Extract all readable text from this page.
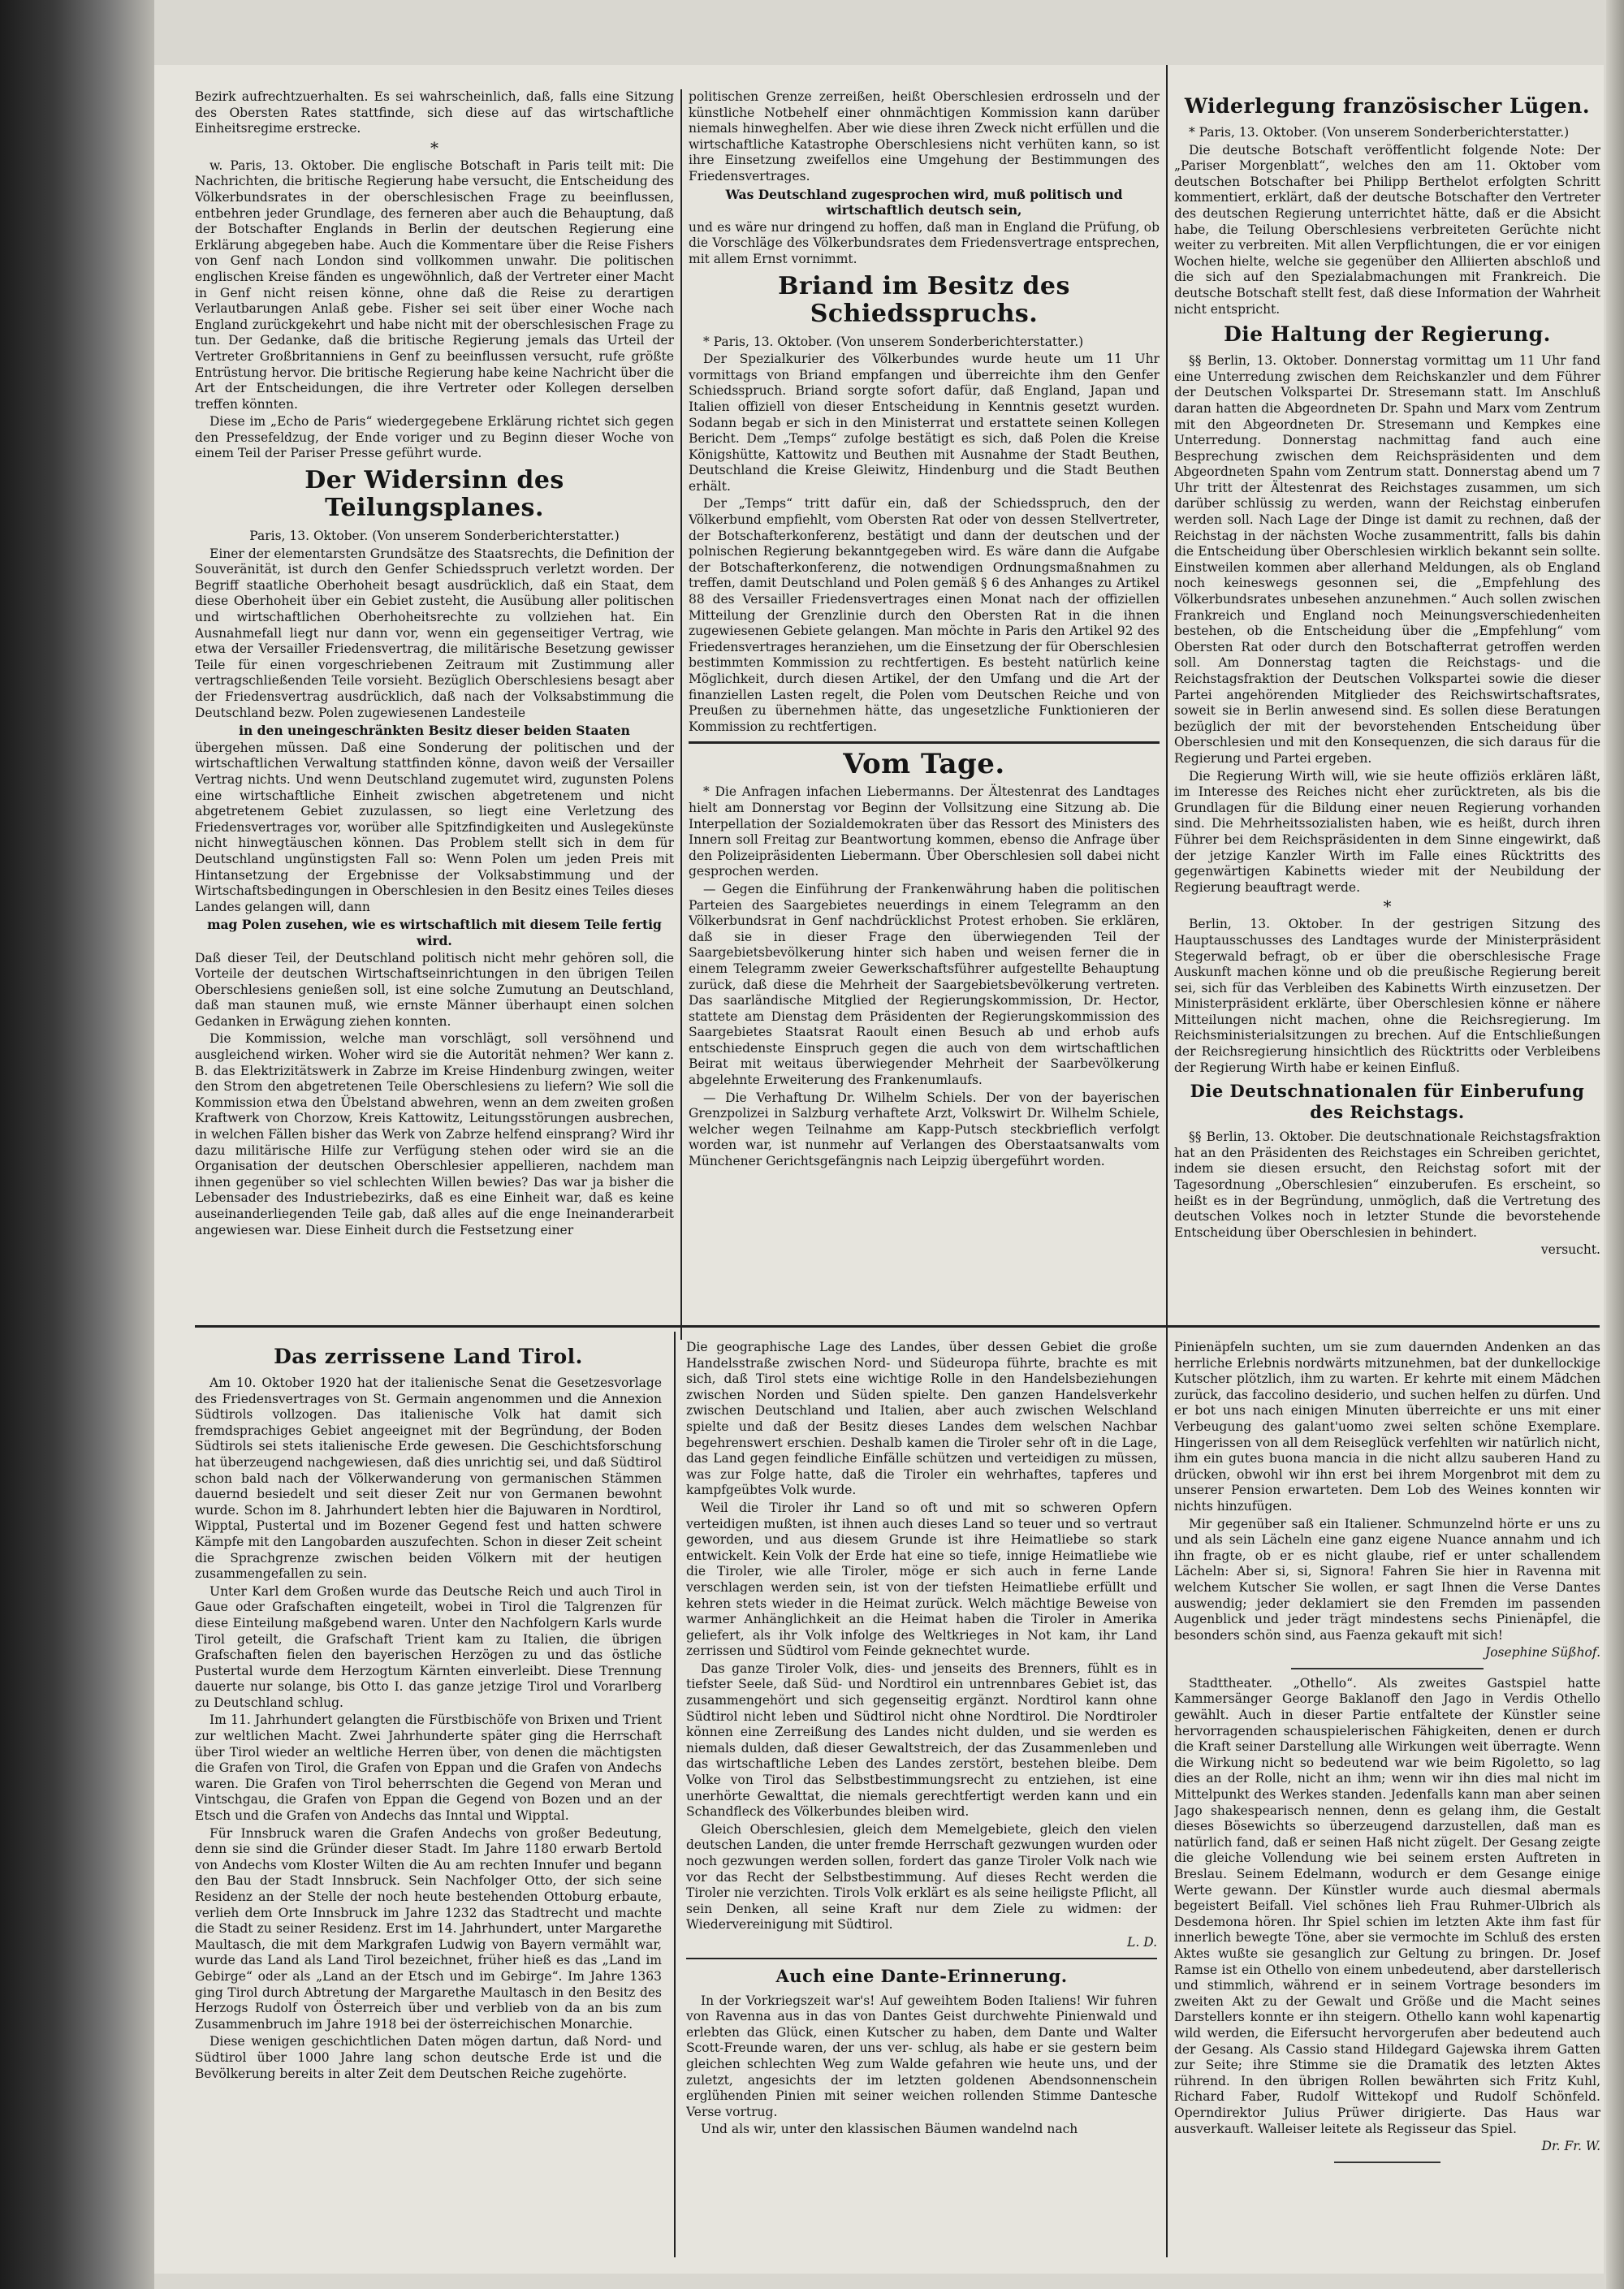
Bezirk aufrechtzuerhalten. Es sei wahrscheinlich, daß, falls eine Sitzung des Obersten Rates stattfinde, sich diese auf das wirtschaftliche Einheitsregime erstrecke.

*

w. Paris, 13. Oktober. Die englische Botschaft in Paris teilt mit: Die Nachrichten, die britische Regierung habe versucht, die Entscheidung des Völkerbundsrates in der oberschlesischen Frage zu beeinflussen, entbehren jeder Grundlage, des ferneren aber auch die Behauptung, daß der Botschafter Englands in Berlin der deutschen Regierung eine Erklärung abgegeben habe. Auch die Kommentare über die Reise Fishers von Genf nach London sind vollkommen unwahr. Die politischen englischen Kreise fänden es ungewöhnlich, daß der Vertreter einer Macht in Genf nicht reisen könne, ohne daß die Reise zu derartigen Verlautbarungen Anlaß gebe. Fisher sei seit über einer Woche nach England zurückgekehrt und habe nicht mit der oberschlesischen Frage zu tun. Der Gedanke, daß die britische Regierung jemals das Urteil der Vertreter Großbritanniens in Genf zu beeinflussen versucht, rufe größte Entrüstung hervor. Die britische Regierung habe keine Nachricht über die Art der Entscheidungen, die ihre Vertreter oder Kollegen derselben treffen könnten.

Diese im „Echo de Paris“ wiedergegebene Erklärung richtet sich gegen den Pressefeldzug, der Ende voriger und zu Beginn dieser Woche von einem Teil der Pariser Presse geführt wurde.

Der Widersinn des Teilungsplanes.

Paris, 13. Oktober. (Von unserem Sonderberichterstatter.)

Einer der elementarsten Grundsätze des Staatsrechts, die Definition der Souveränität, ist durch den Genfer Schiedsspruch verletzt worden. Der Begriff staatliche Oberhoheit besagt ausdrücklich, daß ein Staat, dem diese Oberhoheit über ein Gebiet zusteht, die Ausübung aller politischen und wirtschaftlichen Oberhoheitsrechte zu vollziehen hat. Ein Ausnahmefall liegt nur dann vor, wenn ein gegenseitiger Vertrag, wie etwa der Versailler Friedensvertrag, die militärische Besetzung gewisser Teile für einen vorgeschriebenen Zeitraum mit Zustimmung aller vertragschließenden Teile vorsieht. Bezüglich Oberschlesiens besagt aber der Friedensvertrag ausdrücklich, daß nach der Volksabstimmung die Deutschland bezw. Polen zugewiesenen Landesteile

in den uneingeschränkten Besitz dieser beiden Staaten

übergehen müssen. Daß eine Sonderung der politischen und der wirtschaftlichen Verwaltung stattfinden könne, davon weiß der Versailler Vertrag nichts. Und wenn Deutschland zugemutet wird, zugunsten Polens eine wirtschaftliche Einheit zwischen abgetretenem und nicht abgetretenem Gebiet zuzulassen, so liegt eine Verletzung des Friedensvertrages vor, worüber alle Spitzfindigkeiten und Auslegekünste nicht hinwegtäuschen können. Das Problem stellt sich in dem für Deutschland ungünstigsten Fall so: Wenn Polen um jeden Preis mit Hintansetzung der Ergebnisse der Volksabstimmung und der Wirtschaftsbedingungen in Oberschlesien in den Besitz eines Teiles dieses Landes gelangen will, dann

mag Polen zusehen, wie es wirtschaftlich mit diesem Teile fertig wird.

Daß dieser Teil, der Deutschland politisch nicht mehr gehören soll, die Vorteile der deutschen Wirtschaftseinrichtungen in den übrigen Teilen Oberschlesiens genießen soll, ist eine solche Zumutung an Deutschland, daß man staunen muß, wie ernste Männer überhaupt einen solchen Gedanken in Erwägung ziehen konnten.

Die Kommission, welche man vorschlägt, soll versöhnend und ausgleichend wirken. Woher wird sie die Autorität nehmen? Wer kann z. B. das Elektrizitätswerk in Zabrze im Kreise Hindenburg zwingen, weiter den Strom den abgetretenen Teile Oberschlesiens zu liefern? Wie soll die Kommission etwa den Übelstand abwehren, wenn an dem zweiten großen Kraftwerk von Chorzow, Kreis Kattowitz, Leitungsstörungen ausbrechen, in welchen Fällen bisher das Werk von Zabrze helfend einsprang? Wird ihr dazu militärische Hilfe zur Verfügung stehen oder wird sie an die Organisation der deutschen Oberschlesier appellieren, nachdem man ihnen gegenüber so viel schlechten Willen bewies? Das war ja bisher die Lebensader des Industriebezirks, daß es eine Einheit war, daß es keine auseinanderliegenden Teile gab, daß alles auf die enge Ineinanderarbeit angewiesen war. Diese Einheit durch die Festsetzung einer

politischen Grenze zerreißen, heißt Oberschlesien erdrosseln und der künstliche Notbehelf einer ohnmächtigen Kommission kann darüber niemals hinweghelfen. Aber wie diese ihren Zweck nicht erfüllen und die wirtschaftliche Katastrophe Oberschlesiens nicht verhüten kann, so ist ihre Einsetzung zweifellos eine Umgehung der Bestimmungen des Friedensvertrages.

Was Deutschland zugesprochen wird, muß politisch und wirtschaftlich deutsch sein,

und es wäre nur dringend zu hoffen, daß man in England die Prüfung, ob die Vorschläge des Völkerbundsrates dem Friedensvertrage entsprechen, mit allem Ernst vornimmt.

Briand im Besitz des Schiedsspruchs.

* Paris, 13. Oktober. (Von unserem Sonderberichterstatter.)

Der Spezialkurier des Völkerbundes wurde heute um 11 Uhr vormittags von Briand empfangen und überreichte ihm den Genfer Schiedsspruch. Briand sorgte sofort dafür, daß England, Japan und Italien offiziell von dieser Entscheidung in Kenntnis gesetzt wurden. Sodann begab er sich in den Ministerrat und erstattete seinen Kollegen Bericht. Dem „Temps“ zufolge bestätigt es sich, daß Polen die Kreise Königshütte, Kattowitz und Beuthen mit Ausnahme der Stadt Beuthen, Deutschland die Kreise Gleiwitz, Hindenburg und die Stadt Beuthen erhält.

Der „Temps“ tritt dafür ein, daß der Schiedsspruch, den der Völkerbund empfiehlt, vom Obersten Rat oder von dessen Stellvertreter, der Botschafterkonferenz, bestätigt und dann der deutschen und der polnischen Regierung bekanntgegeben wird. Es wäre dann die Aufgabe der Botschafterkonferenz, die notwendigen Ordnungsmaßnahmen zu treffen, damit Deutschland und Polen gemäß § 6 des Anhanges zu Artikel 88 des Versailler Friedensvertrages einen Monat nach der offiziellen Mitteilung der Grenzlinie durch den Obersten Rat in die ihnen zugewiesenen Gebiete gelangen. Man möchte in Paris den Artikel 92 des Friedensvertrages heranziehen, um die Einsetzung der für Oberschlesien bestimmten Kommission zu rechtfertigen. Es besteht natürlich keine Möglichkeit, durch diesen Artikel, der den Umfang und die Art der finanziellen Lasten regelt, die Polen vom Deutschen Reiche und von Preußen zu übernehmen hätte, das ungesetzliche Funktionieren der Kommission zu rechtfertigen.

Vom Tage.

* Die Anfragen infachen Liebermanns. Der Ältestenrat des Landtages hielt am Donnerstag vor Beginn der Vollsitzung eine Sitzung ab. Die Interpellation der Sozialdemokraten über das Ressort des Ministers des Innern soll Freitag zur Beantwortung kommen, ebenso die Anfrage über den Polizeipräsidenten Liebermann. Über Oberschlesien soll dabei nicht gesprochen werden.

— Gegen die Einführung der Frankenwährung haben die politischen Parteien des Saargebietes neuerdings in einem Telegramm an den Völkerbundsrat in Genf nachdrücklichst Protest erhoben. Sie erklären, daß sie in dieser Frage den überwiegenden Teil der Saargebietsbevölkerung hinter sich haben und weisen ferner die in einem Telegramm zweier Gewerkschaftsführer aufgestellte Behauptung zurück, daß diese die Mehrheit der Saargebietsbevölkerung vertreten. Das saarländische Mitglied der Regierungskommission, Dr. Hector, stattete am Dienstag dem Präsidenten der Regierungskommission des Saargebietes Staatsrat Raoult einen Besuch ab und erhob aufs entschiedenste Einspruch gegen die auch von dem wirtschaftlichen Beirat mit weitaus überwiegender Mehrheit der Saarbevölkerung abgelehnte Erweiterung des Frankenumlaufs.

— Die Verhaftung Dr. Wilhelm Schiels. Der von der bayerischen Grenzpolizei in Salzburg verhaftete Arzt, Volkswirt Dr. Wilhelm Schiele, welcher wegen Teilnahme am Kapp-Putsch steckbrieflich verfolgt worden war, ist nunmehr auf Verlangen des Oberstaatsanwalts vom Münchener Gerichtsgefängnis nach Leipzig übergeführt worden.

Widerlegung französischer Lügen.

* Paris, 13. Oktober. (Von unserem Sonderberichterstatter.)

Die deutsche Botschaft veröffentlicht folgende Note: Der „Pariser Morgenblatt“, welches den am 11. Oktober vom deutschen Botschafter bei Philipp Berthelot erfolgten Schritt kommentiert, erklärt, daß der deutsche Botschafter den Vertreter des deutschen Regierung unterrichtet hätte, daß er die Absicht habe, die Teilung Oberschlesiens verbreiteten Gerüchte nicht weiter zu verbreiten. Mit allen Verpflichtungen, die er vor einigen Wochen hielte, welche sie gegenüber den Alliierten abschloß und die sich auf den Spezialabmachungen mit Frankreich. Die deutsche Botschaft stellt fest, daß diese Information der Wahrheit nicht entspricht.

Die Haltung der Regierung.

§§ Berlin, 13. Oktober. Donnerstag vormittag um 11 Uhr fand eine Unterredung zwischen dem Reichskanzler und dem Führer der Deutschen Volkspartei Dr. Stresemann statt. Im Anschluß daran hatten die Abgeordneten Dr. Spahn und Marx vom Zentrum mit den Abgeordneten Dr. Stresemann und Kempkes eine Unterredung. Donnerstag nachmittag fand auch eine Besprechung zwischen dem Reichspräsidenten und dem Abgeordneten Spahn vom Zentrum statt. Donnerstag abend um 7 Uhr tritt der Ältestenrat des Reichstages zusammen, um sich darüber schlüssig zu werden, wann der Reichstag einberufen werden soll. Nach Lage der Dinge ist damit zu rechnen, daß der Reichstag in der nächsten Woche zusammentritt, falls bis dahin die Entscheidung über Oberschlesien wirklich bekannt sein sollte. Einstweilen kommen aber allerhand Meldungen, als ob England noch keineswegs gesonnen sei, die „Empfehlung des Völkerbundsrates unbesehen anzunehmen.“ Auch sollen zwischen Frankreich und England noch Meinungsverschiedenheiten bestehen, ob die Entscheidung über die „Empfehlung“ vom Obersten Rat oder durch den Botschafterrat getroffen werden soll. Am Donnerstag tagten die Reichstags- und die Reichstagsfraktion der Deutschen Volkspartei sowie die dieser Partei angehörenden Mitglieder des Reichswirtschaftsrates, soweit sie in Berlin anwesend sind. Es sollen diese Beratungen bezüglich der mit der bevorstehenden Entscheidung über Oberschlesien und mit den Konsequenzen, die sich daraus für die Regierung und Partei ergeben.

Die Regierung Wirth will, wie sie heute offiziös erklären läßt, im Interesse des Reiches nicht eher zurücktreten, als bis die Grundlagen für die Bildung einer neuen Regierung vorhanden sind. Die Mehrheitssozialisten haben, wie es heißt, durch ihren Führer bei dem Reichspräsidenten in dem Sinne eingewirkt, daß der jetzige Kanzler Wirth im Falle eines Rücktritts des gegenwärtigen Kabinetts wieder mit der Neubildung der Regierung beauftragt werde.

*

Berlin, 13. Oktober. In der gestrigen Sitzung des Hauptausschusses des Landtages wurde der Ministerpräsident Stegerwald befragt, ob er über die oberschlesische Frage Auskunft machen könne und ob die preußische Regierung bereit sei, sich für das Verbleiben des Kabinetts Wirth einzusetzen. Der Ministerpräsident erklärte, über Oberschlesien könne er nähere Mitteilungen nicht machen, ohne die Reichsregierung. Im Reichsministerialsitzungen zu brechen. Auf die Entschließungen der Reichsregierung hinsichtlich des Rücktritts oder Verbleibens der Regierung Wirth habe er keinen Einfluß.

Die Deutschnationalen für Einberufung des Reichstags.

§§ Berlin, 13. Oktober. Die deutschnationale Reichstagsfraktion hat an den Präsidenten des Reichstages ein Schreiben gerichtet, indem sie diesen ersucht, den Reichstag sofort mit der Tagesordnung „Oberschlesien“ einzuberufen. Es erscheint, so heißt es in der Begründung, unmöglich, daß die Vertretung des deutschen Volkes noch in letzter Stunde die bevorstehende Entscheidung über Oberschlesien in behindert.

versucht.

Das zerrissene Land Tirol.

Am 10. Oktober 1920 hat der italienische Senat die Gesetzesvorlage des Friedensvertrages von St. Germain angenommen und die Annexion Südtirols vollzogen. Das italienische Volk hat damit sich fremdsprachiges Gebiet angeeignet mit der Begründung, der Boden Südtirols sei stets italienische Erde gewesen. Die Geschichtsforschung hat überzeugend nachgewiesen, daß dies unrichtig sei, und daß Südtirol schon bald nach der Völkerwanderung von germanischen Stämmen dauernd besiedelt und seit dieser Zeit nur von Germanen bewohnt wurde. Schon im 8. Jahrhundert lebten hier die Bajuwaren in Nordtirol, Wipptal, Pustertal und im Bozener Gegend fest und hatten schwere Kämpfe mit den Langobarden auszufechten. Schon in dieser Zeit scheint die Sprachgrenze zwischen beiden Völkern mit der heutigen zusammengefallen zu sein.

Unter Karl dem Großen wurde das Deutsche Reich und auch Tirol in Gaue oder Grafschaften eingeteilt, wobei in Tirol die Talgrenzen für diese Einteilung maßgebend waren. Unter den Nachfolgern Karls wurde Tirol geteilt, die Grafschaft Trient kam zu Italien, die übrigen Grafschaften fielen den bayerischen Herzögen zu und das östliche Pustertal wurde dem Herzogtum Kärnten einverleibt. Diese Trennung dauerte nur solange, bis Otto I. das ganze jetzige Tirol und Vorarlberg zu Deutschland schlug.

Im 11. Jahrhundert gelangten die Fürstbischöfe von Brixen und Trient zur weltlichen Macht. Zwei Jahrhunderte später ging die Herrschaft über Tirol wieder an weltliche Herren über, von denen die mächtigsten die Grafen von Tirol, die Grafen von Eppan und die Grafen von Andechs waren. Die Grafen von Tirol beherrschten die Gegend von Meran und Vintschgau, die Grafen von Eppan die Gegend von Bozen und an der Etsch und die Grafen von Andechs das Inntal und Wipptal.

Für Innsbruck waren die Grafen Andechs von großer Bedeutung, denn sie sind die Gründer dieser Stadt. Im Jahre 1180 erwarb Bertold von Andechs vom Kloster Wilten die Au am rechten Innufer und begann den Bau der Stadt Innsbruck. Sein Nachfolger Otto, der sich seine Residenz an der Stelle der noch heute bestehenden Ottoburg erbaute, verlieh dem Orte Innsbruck im Jahre 1232 das Stadtrecht und machte die Stadt zu seiner Residenz. Erst im 14. Jahrhundert, unter Margarethe Maultasch, die mit dem Markgrafen Ludwig von Bayern vermählt war, wurde das Land als Land Tirol bezeichnet, früher hieß es das „Land im Gebirge“ oder als „Land an der Etsch und im Gebirge“. Im Jahre 1363 ging Tirol durch Abtretung der Margarethe Maultasch in den Besitz des Herzogs Rudolf von Österreich über und verblieb von da an bis zum Zusammenbruch im Jahre 1918 bei der österreichischen Monarchie.

Diese wenigen geschichtlichen Daten mögen dartun, daß Nord- und Südtirol über 1000 Jahre lang schon deutsche Erde ist und die Bevölkerung bereits in alter Zeit dem Deutschen Reiche zugehörte.

Die geographische Lage des Landes, über dessen Gebiet die große Handelsstraße zwischen Nord- und Südeuropa führte, brachte es mit sich, daß Tirol stets eine wichtige Rolle in den Handelsbeziehungen zwischen Norden und Süden spielte. Den ganzen Handelsverkehr zwischen Deutschland und Italien, aber auch zwischen Welschland spielte und daß der Besitz dieses Landes dem welschen Nachbar begehrenswert erschien. Deshalb kamen die Tiroler sehr oft in die Lage, das Land gegen feindliche Einfälle schützen und verteidigen zu müssen, was zur Folge hatte, daß die Tiroler ein wehrhaftes, tapferes und kampfgeübtes Volk wurde.

Weil die Tiroler ihr Land so oft und mit so schweren Opfern verteidigen mußten, ist ihnen auch dieses Land so teuer und so vertraut geworden, und aus diesem Grunde ist ihre Heimatliebe so stark entwickelt. Kein Volk der Erde hat eine so tiefe, innige Heimatliebe wie die Tiroler, wie alle Tiroler, möge er sich auch in ferne Lande verschlagen werden sein, ist von der tiefsten Heimatliebe erfüllt und kehren stets wieder in die Heimat zurück. Welch mächtige Beweise von warmer Anhänglichkeit an die Heimat haben die Tiroler in Amerika geliefert, als ihr Volk infolge des Weltkrieges in Not kam, ihr Land zerrissen und Südtirol vom Feinde geknechtet wurde.

Das ganze Tiroler Volk, dies- und jenseits des Brenners, fühlt es in tiefster Seele, daß Süd- und Nordtirol ein untrennbares Gebiet ist, das zusammengehört und sich gegenseitig ergänzt. Nordtirol kann ohne Südtirol nicht leben und Südtirol nicht ohne Nordtirol. Die Nordtiroler können eine Zerreißung des Landes nicht dulden, und sie werden es niemals dulden, daß dieser Gewaltstreich, der das Zusammenleben und das wirtschaftliche Leben des Landes zerstört, bestehen bleibe. Dem Volke von Tirol das Selbstbestimmungsrecht zu entziehen, ist eine unerhörte Gewalttat, die niemals gerechtfertigt werden kann und ein Schandfleck des Völkerbundes bleiben wird.

Gleich Oberschlesien, gleich dem Memelgebiete, gleich den vielen deutschen Landen, die unter fremde Herrschaft gezwungen wurden oder noch gezwungen werden sollen, fordert das ganze Tiroler Volk nach wie vor das Recht der Selbstbestimmung. Auf dieses Recht werden die Tiroler nie verzichten. Tirols Volk erklärt es als seine heiligste Pflicht, all sein Denken, all seine Kraft nur dem Ziele zu widmen: der Wiedervereinigung mit Südtirol.

L. D.

Auch eine Dante-Erinnerung.

In der Vorkriegszeit war's! Auf geweihtem Boden Italiens! Wir fuhren von Ravenna aus in das von Dantes Geist durchwehte Pinienwald und erlebten das Glück, einen Kutscher zu haben, dem Dante und Walter Scott-Freunde waren, der uns ver- schlug, als habe er sie gestern beim gleichen schlechten Weg zum Walde gefahren wie heute uns, und der zuletzt, angesichts der im letzten goldenen Abendsonnenschein erglühenden Pinien mit seiner weichen rollenden Stimme Dantesche Verse vortrug.

Und als wir, unter den klassischen Bäumen wandelnd nach

Pinienäpfeln suchten, um sie zum dauernden Andenken an das herrliche Erlebnis nordwärts mitzunehmen, bat der dunkellockige Kutscher plötzlich, ihm zu warten. Er kehrte mit einem Mädchen zurück, das faccolino desiderio, und suchen helfen zu dürfen. Und er bot uns nach einigen Minuten überreichte er uns mit einer Verbeugung des galant'uomo zwei selten schöne Exemplare. Hingerissen von all dem Reiseglück verfehlten wir natürlich nicht, ihm ein gutes buona mancia in die nicht allzu sauberen Hand zu drücken, obwohl wir ihn erst bei ihrem Morgenbrot mit dem zu unserer Pension erwarteten. Dem Lob des Weines konnten wir nichts hinzufügen.

Mir gegenüber saß ein Italiener. Schmunzelnd hörte er uns zu und als sein Lächeln eine ganz eigene Nuance annahm und ich ihn fragte, ob er es nicht glaube, rief er unter schallendem Lächeln: Aber si, si, Signora! Fahren Sie hier in Ravenna mit welchem Kutscher Sie wollen, er sagt Ihnen die Verse Dantes auswendig; jeder deklamiert sie den Fremden im passenden Augenblick und jeder trägt mindestens sechs Pinienäpfel, die besonders schön sind, aus Faenza gekauft mit sich!

Josephine Süßhof.

Stadttheater. „Othello“. Als zweites Gastspiel hatte Kammersänger George Baklanoff den Jago in Verdis Othello gewählt. Auch in dieser Partie entfaltete der Künstler seine hervorragenden schauspielerischen Fähigkeiten, denen er durch die Kraft seiner Darstellung alle Wirkungen weit überragte. Wenn die Wirkung nicht so bedeutend war wie beim Rigoletto, so lag dies an der Rolle, nicht an ihm; wenn wir ihn dies mal nicht im Mittelpunkt des Werkes standen. Jedenfalls kann man aber seinen Jago shakespearisch nennen, denn es gelang ihm, die Gestalt dieses Bösewichts so überzeugend darzustellen, daß man es natürlich fand, daß er seinen Haß nicht zügelt. Der Gesang zeigte die gleiche Vollendung wie bei seinem ersten Auftreten in Breslau. Seinem Edelmann, wodurch er dem Gesange einige Werte gewann. Der Künstler wurde auch diesmal abermals begeistert Beifall. Viel schönes lieh Frau Ruhmer-Ulbrich als Desdemona hören. Ihr Spiel schien im letzten Akte ihm fast für innerlich bewegte Töne, aber sie vermochte im Schluß des ersten Aktes wußte sie gesanglich zur Geltung zu bringen. Dr. Josef Ramse ist ein Othello von einem unbedeutend, aber darstellerisch und stimmlich, während er in seinem Vortrage besonders im zweiten Akt zu der Gewalt und Größe und die Macht seines Darstellers konnte er ihn steigern. Othello kann wohl kapenartig wild werden, die Eifersucht hervorgerufen aber bedeutend auch der Gesang. Als Cassio stand Hildegard Gajewska ihrem Gatten zur Seite; ihre Stimme sie die Dramatik des letzten Aktes rührend. In den übrigen Rollen bewährten sich Fritz Kuhl, Richard Faber, Rudolf Wittekopf und Rudolf Schönfeld. Operndirektor Julius Prüwer dirigierte. Das Haus war ausverkauft. Walleiser leitete als Regisseur das Spiel.

Dr. Fr. W.
